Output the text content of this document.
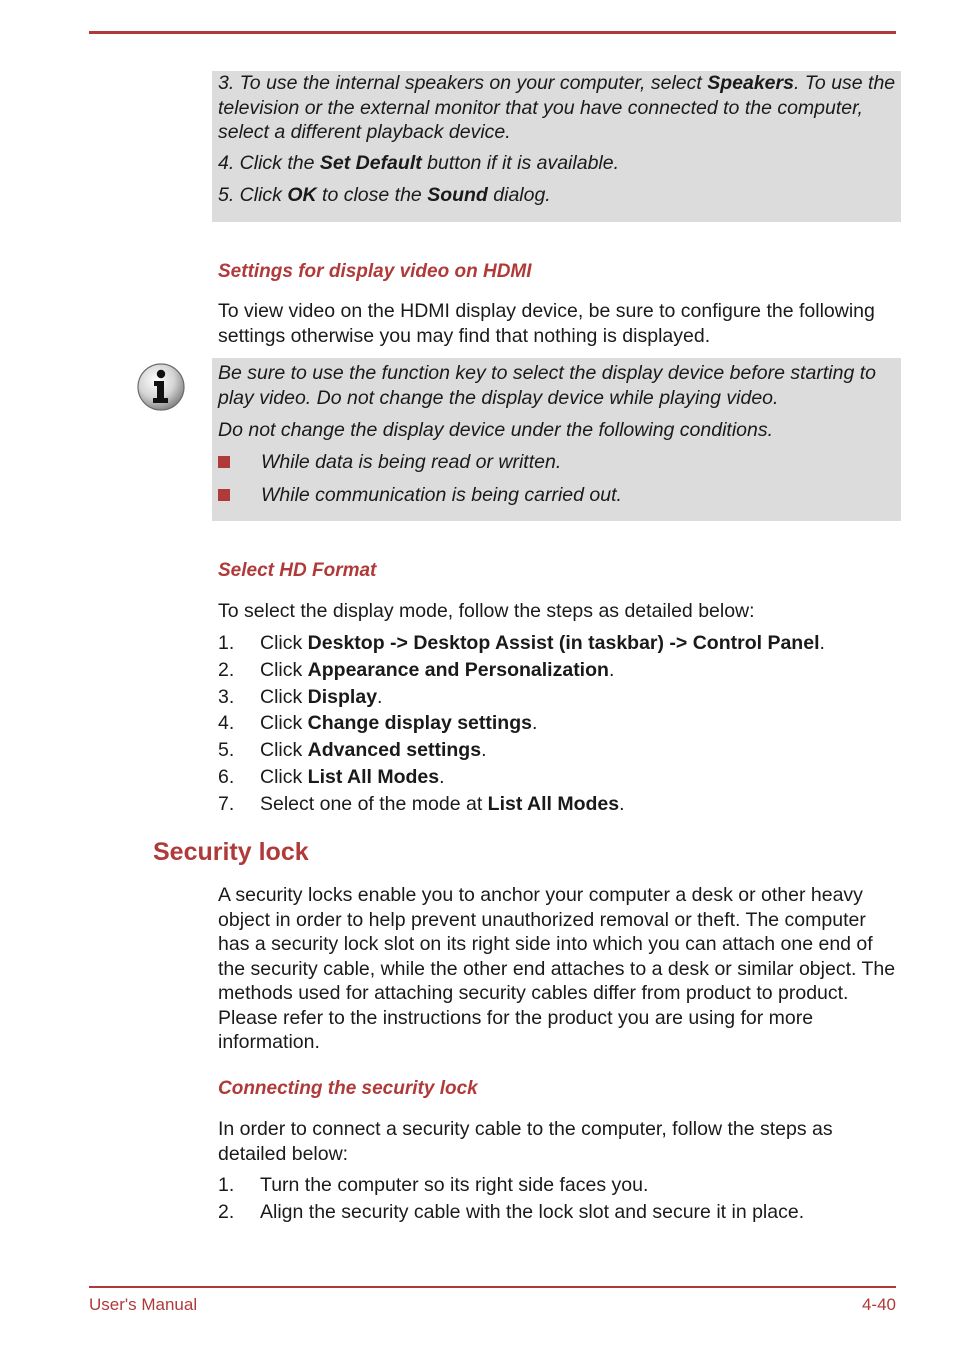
3. To use the internal speakers on your computer, select Speakers. To use the television or the external monitor that you have connected to the computer, select a different playback device.

4. Click the Set Default button if it is available.

5. Click OK to close the Sound dialog.

Settings for display video on HDMI

To view video on the HDMI display device, be sure to configure the following settings otherwise you may find that nothing is displayed.

Be sure to use the function key to select the display device before starting to play video. Do not change the display device while playing video.

Do not change the display device under the following conditions.

While data is being read or written.
While communication is being carried out.
Select HD Format

To select the display mode, follow the steps as detailed below:

1. Click Desktop -> Desktop Assist (in taskbar) -> Control Panel.
2. Click Appearance and Personalization.
3. Click Display.
4. Click Change display settings.
5. Click Advanced settings.
6. Click List All Modes.
7. Select one of the mode at List All Modes.
Security lock

A security locks enable you to anchor your computer a desk or other heavy object in order to help prevent unauthorized removal or theft. The computer has a security lock slot on its right side into which you can attach one end of the security cable, while the other end attaches to a desk or similar object. The methods used for attaching security cables differ from product to product. Please refer to the instructions for the product you are using for more information.

Connecting the security lock

In order to connect a security cable to the computer, follow the steps as detailed below:

1. Turn the computer so its right side faces you.
2. Align the security cable with the lock slot and secure it in place.
User's Manual	4-40
